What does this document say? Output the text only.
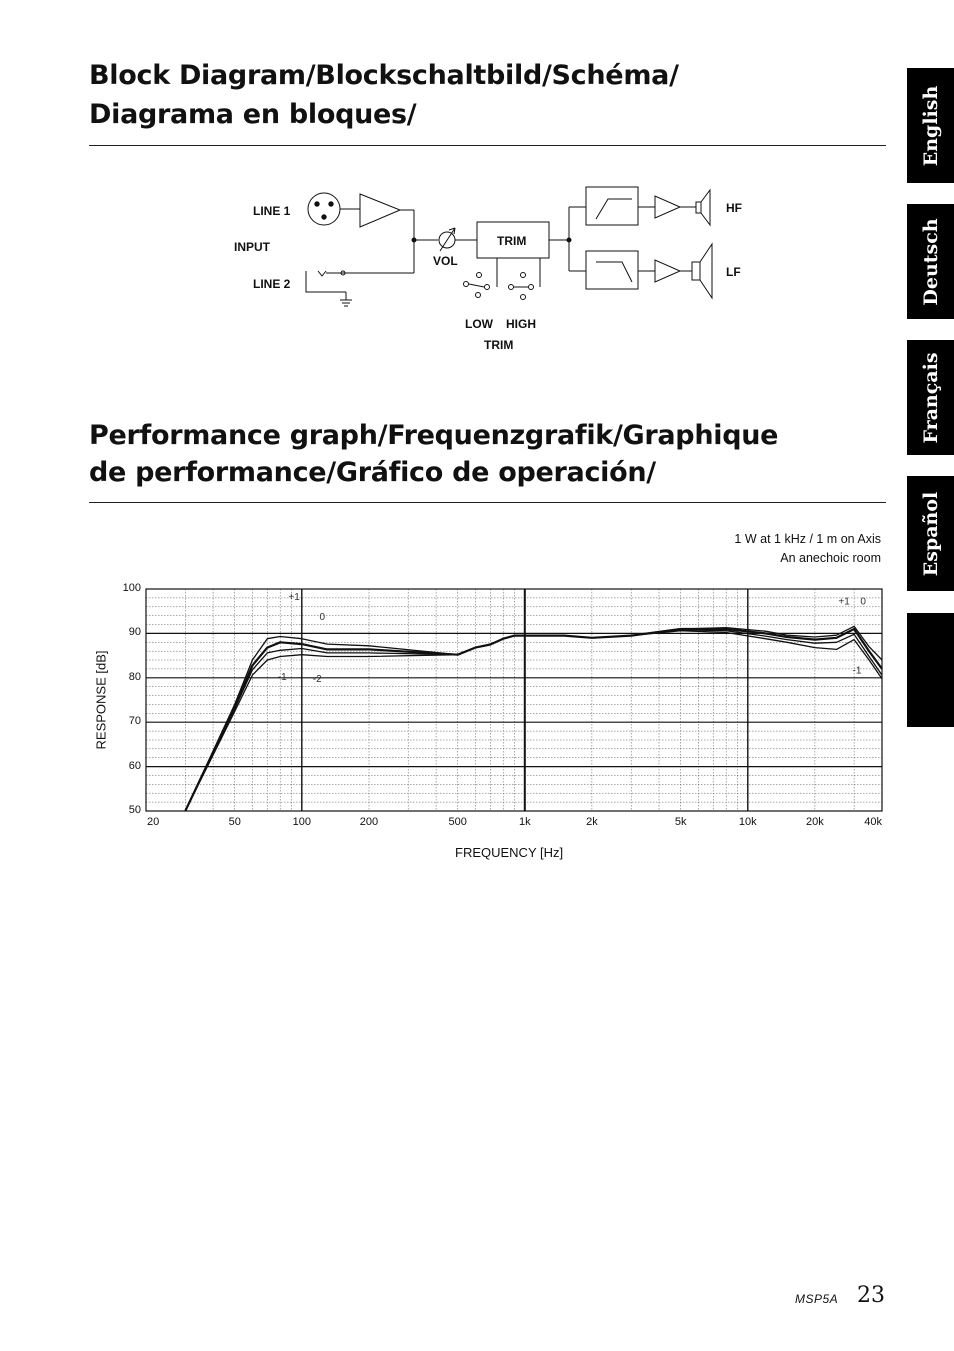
Block Diagram/Blockschaltbild/Schéma/
Diagrama en bloques/
Performance graph/Frequenzgrafik/Graphique
de performance/Gráfico de operación/
English
Deutsch
Français
Español
LINE 1
INPUT
LINE 2
VOL
TRIM
LOW HIGH
TRIM
HF
LF
1 W at 1 kHz / 1 m on Axis
An anechoic room
+1
0
-1	-2
+1 0
-1
20	50	100	200	500	1k	2k	5k	10k	20k	40k
100
90
80
70
60
50
FREQUENCY [Hz]
RESPONSE [dB]
MSP5A 23
